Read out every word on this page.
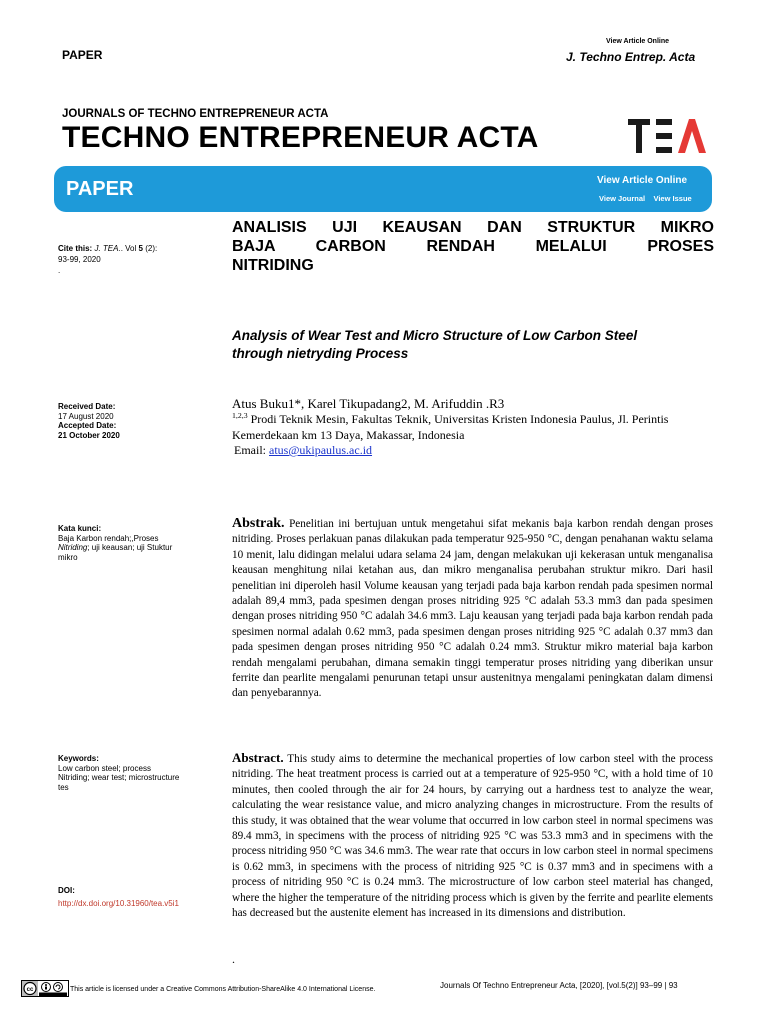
PAPER
View Article Online
J. Techno Entrep. Acta
JOURNALS OF TECHNO ENTREPRENEUR ACTA
TECHNO ENTREPRENEUR ACTA
PAPER	View Article Online
View Journal View Issue
ANALISIS UJI KEAUSAN DAN STRUKTUR MIKRO
BAJA CARBON RENDAH MELALUI PROSES
NITRIDING
Cite this: J. TEA.. Vol 5 (2):
93-99, 2020
.
Analysis of Wear Test and Micro Structure of Low Carbon Steel
through nietryding Process
Received Date:
17 August 2020
Accepted Date:
21 October 2020
Atus Buku1*, Karel Tikupadang2, M. Arifuddin .R3
$^{1,2,3}$ Prodi Teknik Mesin, Fakultas Teknik, Universitas Kristen Indonesia Paulus, Jl. Perintis
Kemerdekaan km 13 Daya, Makassar, Indonesia
Email: atus@ukipaulus.ac.id
Kata kunci:
Baja Karbon rendah;,Proses
Nitriding; uji keausan; uji Stuktur
mikro
Abstrak. Penelitian ini bertujuan untuk mengetahui sifat mekanis baja karbon rendah dengan proses nitriding. Proses perlakuan panas dilakukan pada temperatur 925-950 °C, dengan penahanan waktu selama 10 menit, lalu didingan melalui udara selama 24 jam, dengan melakukan uji kekerasan untuk menganalisa keausan menghitung nilai ketahan aus, dan mikro menganalisa perubahan struktur mikro. Dari hasil penelitian ini diperoleh hasil Volume keausan yang terjadi pada baja karbon rendah pada spesimen normal adalah 89,4 mm3, pada spesimen dengan proses nitriding 925 °C adalah 53.3 mm3 dan pada spesimen dengan proses nitriding 950 °C adalah 34.6 mm3. Laju keausan yang terjadi pada baja karbon rendah pada spesimen normal adalah 0.62 mm3, pada spesimen dengan proses nitriding 925 °C adalah 0.37 mm3 dan pada spesimen dengan proses nitriding 950 °C adalah 0.24 mm3. Struktur mikro material baja karbon rendah mengalami perubahan, dimana semakin tinggi temperatur proses nitriding yang diberikan unsur ferrite dan pearlite mengalami penurunan tetapi unsur austenitnya mengalami peningkatan dalam dimensi dan penyebarannya.
Keywords:
Low carbon steel; process
Nitriding; wear test; microstructure
tes
Abstract. This study aims to determine the mechanical properties of low carbon steel with the process nitriding. The heat treatment process is carried out at a temperature of 925-950 °C, with a hold time of 10 minutes, then cooled through the air for 24 hours, by carrying out a hardness test to analyze the wear, calculating the wear resistance value, and micro analyzing changes in microstructure. From the results of this study, it was obtained that the wear volume that occurred in low carbon steel in normal specimens was 89.4 mm3, in specimens with the process of nitriding 925 °C was 53.3 mm3 and in specimens with the process nitriding 950 °C was 34.6 mm3. The wear rate that occurs in low carbon steel in normal specimens is 0.62 mm3, in specimens with the process of nitriding 925 °C is 0.37 mm3 and in specimens with a process of nitriding 950 °C is 0.24 mm3. The microstructure of low carbon steel material has changed, where the higher the temperature of the nitriding process which is given by the ferrite and pearlite elements has decreased but the austenite element has increased in its dimensions and distribution.
DOI:
http://dx.doi.org/10.31960/tea.v5i1
.
cc	This article is licensed under a Creative Commons Attribution-ShareAlike 4.0 International License.	Journals Of Techno Entrepreneur Acta, [2020], [vol.5(2)] 93–99 | 93
